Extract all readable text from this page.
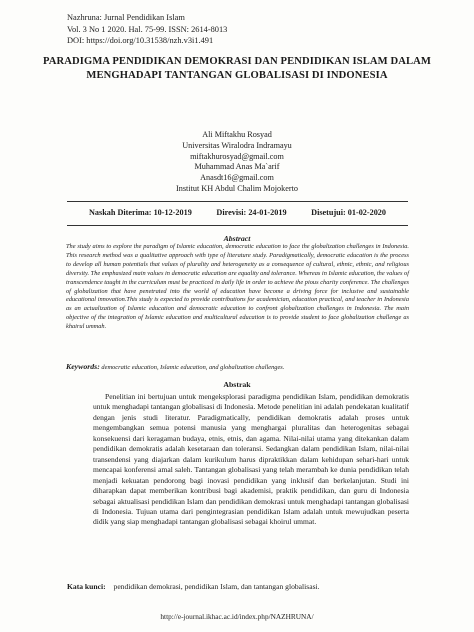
Nazhruna: Jurnal Pendidikan Islam
Vol. 3 No 1 2020. Hal. 75-99. ISSN: 2614-8013
DOI: https://doi.org/10.31538/nzh.v3i1.491
PARADIGMA PENDIDIKAN DEMOKRASI DAN PENDIDIKAN ISLAM DALAM MENGHADAPI TANTANGAN GLOBALISASI DI INDONESIA
Ali Miftakhu Rosyad
Universitas Wiralodra Indramayu
miftakhurosyad@gmail.com
Muhammad Anas Ma`arif
Anasdt16@gmail.com
Institut KH Abdul Chalim Mojokerto
Naskah Diterima: 10-12-2019	Direvisi: 24-01-2019	Disetujui: 01-02-2020
Abstract
The study aims to explore the paradigm of Islamic education, democratic education to face the globalization challenges in Indonesia. This research method was a qualitative approach with type of literature study. Paradigmatically, democratic education is the process to develop all human potentials that values of plurality and heterogeneity as a consequence of cultural, ethnic, ethnic, and religious diversity. The emphasized main values in democratic education are equality and tolerance. Whereas in Islamic education, the values of transcendence taught in the curriculum must be practiced in daily life in order to achieve the pious charity conference. The challenges of globalization that have penetrated into the world of education have become a driving force for inclusive and sustainable educational innovation.This study is expected to provide contributions for academician, education practical, and teacher in Indonesia as an actualization of Islamic education and democratic education to confront globalization challenges in Indonesia. The main objective of the integration of Islamic education and multicultural education is to provide student to face globalization challenge as khairul ummah.
Keywords: democratic education, Islamic education, and globalization challenges.
Abstrak
Penelitian ini bertujuan untuk mengeksplorasi paradigma pendidikan Islam, pendidikan demokratis untuk menghadapi tantangan globalisasi di Indonesia. Metode penelitian ini adalah pendekatan kualitatif dengan jenis studi literatur. Paradigmatically, pendidikan demokratis adalah proses untuk mengembangkan semua potensi manusia yang menghargai pluralitas dan heterogenitas sebagai konsekuensi dari keragaman budaya, etnis, etnis, dan agama. Nilai-nilai utama yang ditekankan dalam pendidikan demokratis adalah kesetaraan dan toleransi. Sedangkan dalam pendidikan Islam, nilai-nilai transendensi yang diajarkan dalam kurikulum harus dipraktikkan dalam kehidupan sehari-hari untuk mencapai konferensi amal saleh. Tantangan globalisasi yang telah merambah ke dunia pendidikan telah menjadi kekuatan pendorong bagi inovasi pendidikan yang inklusif dan berkelanjutan. Studi ini diharapkan dapat memberikan kontribusi bagi akademisi, praktik pendidikan, dan guru di Indonesia sebagai aktualisasi pendidikan Islam dan pendidikan demokrasi untuk menghadapi tantangan globalisasi di Indonesia. Tujuan utama dari pengintegrasian pendidikan Islam adalah untuk mewujudkan peserta didik yang siap menghadapi tantangan globalisasi sebagai khoirul ummat.
Kata kunci: pendidikan demokrasi, pendidikan Islam, dan tantangan globalisasi.
http://e-journal.ikhac.ac.id/index.php/NAZHRUNA/
